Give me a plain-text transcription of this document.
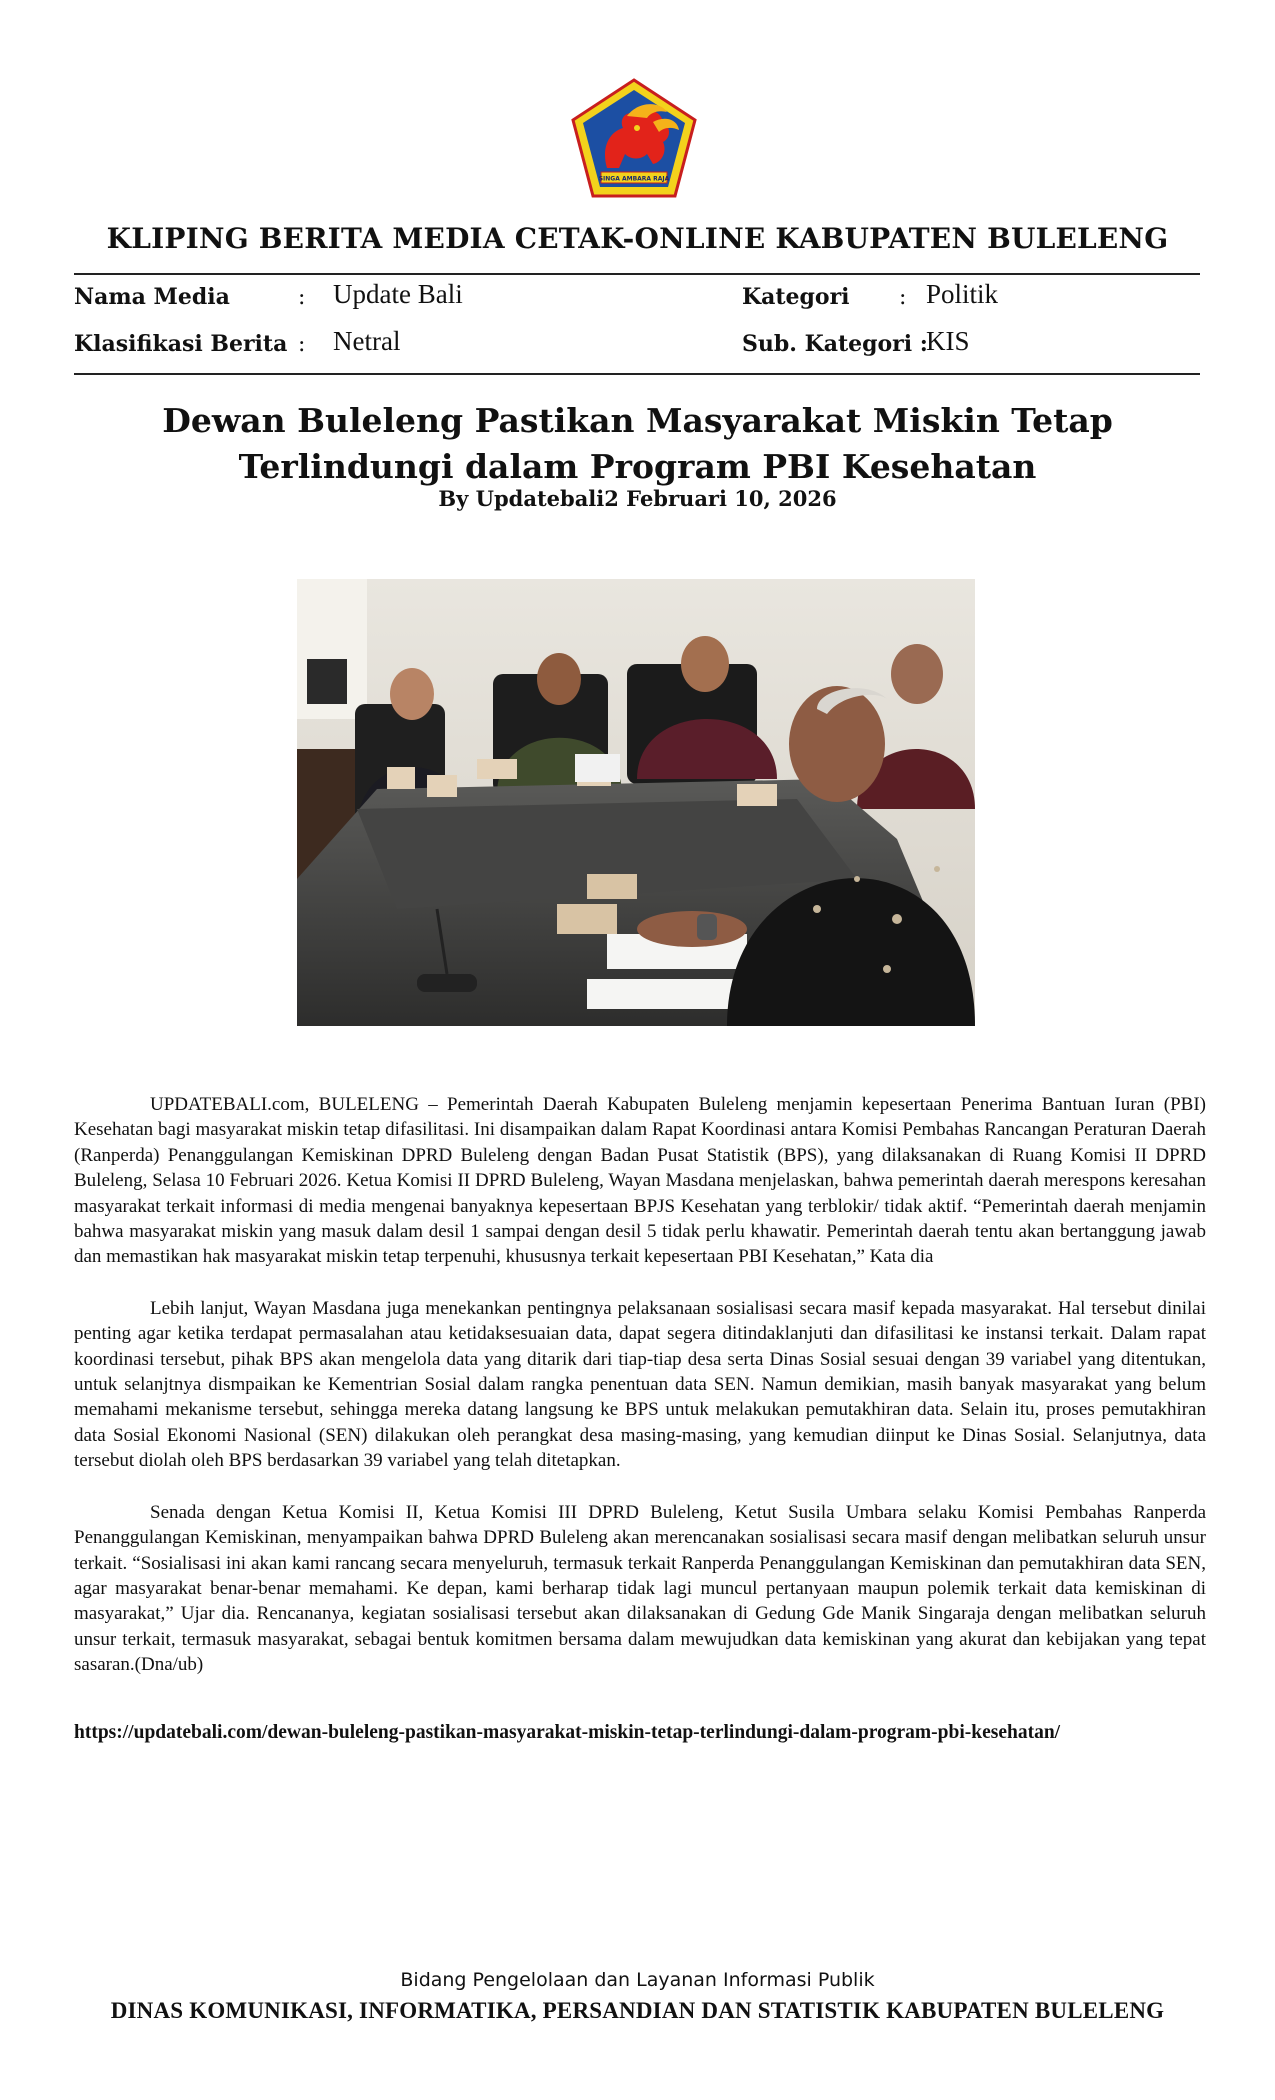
SINGA AMBARA RAJA
KLIPING BERITA MEDIA CETAK-ONLINE KABUPATEN BULELENG
Nama Media	: Update Bali
Klasifikasi Berita : Netral
Kategori : Politik
Sub. Kategori :
KIS
Dewan Buleleng Pastikan Masyarakat Miskin Tetap Terlindungi dalam Program PBI Kesehatan
By Updatebali2 Februari 10, 2026

UPDATEBALI.com, BULELENG – Pemerintah Daerah Kabupaten Buleleng menjamin kepesertaan Penerima Bantuan Iuran (PBI) Kesehatan bagi masyarakat miskin tetap difasilitasi. Ini disampaikan dalam Rapat Koordinasi antara Komisi Pembahas Rancangan Peraturan Daerah (Ranperda) Penanggulangan Kemiskinan DPRD Buleleng dengan Badan Pusat Statistik (BPS), yang dilaksanakan di Ruang Komisi II DPRD Buleleng, Selasa 10 Februari 2026. Ketua Komisi II DPRD Buleleng, Wayan Masdana menjelaskan, bahwa pemerintah daerah merespons keresahan masyarakat terkait informasi di media mengenai banyaknya kepesertaan BPJS Kesehatan yang terblokir/ tidak aktif. “Pemerintah daerah menjamin bahwa masyarakat miskin yang masuk dalam desil 1 sampai dengan desil 5 tidak perlu khawatir. Pemerintah daerah tentu akan bertanggung jawab dan memastikan hak masyarakat miskin tetap terpenuhi, khususnya terkait kepesertaan PBI Kesehatan,” Kata dia

Lebih lanjut, Wayan Masdana juga menekankan pentingnya pelaksanaan sosialisasi secara masif kepada masyarakat. Hal tersebut dinilai penting agar ketika terdapat permasalahan atau ketidaksesuaian data, dapat segera ditindaklanjuti dan difasilitasi ke instansi terkait. Dalam rapat koordinasi tersebut, pihak BPS akan mengelola data yang ditarik dari tiap-tiap desa serta Dinas Sosial sesuai dengan 39 variabel yang ditentukan, untuk selanjtnya dismpaikan ke Kementrian Sosial dalam rangka penentuan data SEN. Namun demikian, masih banyak masyarakat yang belum memahami mekanisme tersebut, sehingga mereka datang langsung ke BPS untuk melakukan pemutakhiran data. Selain itu, proses pemutakhiran data Sosial Ekonomi Nasional (SEN) dilakukan oleh perangkat desa masing-masing, yang kemudian diinput ke Dinas Sosial. Selanjutnya, data tersebut diolah oleh BPS berdasarkan 39 variabel yang telah ditetapkan.

Senada dengan Ketua Komisi II, Ketua Komisi III DPRD Buleleng, Ketut Susila Umbara selaku Komisi Pembahas Ranperda Penanggulangan Kemiskinan, menyampaikan bahwa DPRD Buleleng akan merencanakan sosialisasi secara masif dengan melibatkan seluruh unsur terkait. “Sosialisasi ini akan kami rancang secara menyeluruh, termasuk terkait Ranperda Penanggulangan Kemiskinan dan pemutakhiran data SEN, agar masyarakat benar-benar memahami. Ke depan, kami berharap tidak lagi muncul pertanyaan maupun polemik terkait data kemiskinan di masyarakat,” Ujar dia. Rencananya, kegiatan sosialisasi tersebut akan dilaksanakan di Gedung Gde Manik Singaraja dengan melibatkan seluruh unsur terkait, termasuk masyarakat, sebagai bentuk komitmen bersama dalam mewujudkan data kemiskinan yang akurat dan kebijakan yang tepat sasaran.(Dna/ub)

https://updatebali.com/dewan-buleleng-pastikan-masyarakat-miskin-tetap-terlindungi-dalam-program-pbi-kesehatan/
Bidang Pengelolaan dan Layanan Informasi Publik
DINAS KOMUNIKASI, INFORMATIKA, PERSANDIAN DAN STATISTIK KABUPATEN BULELENG
